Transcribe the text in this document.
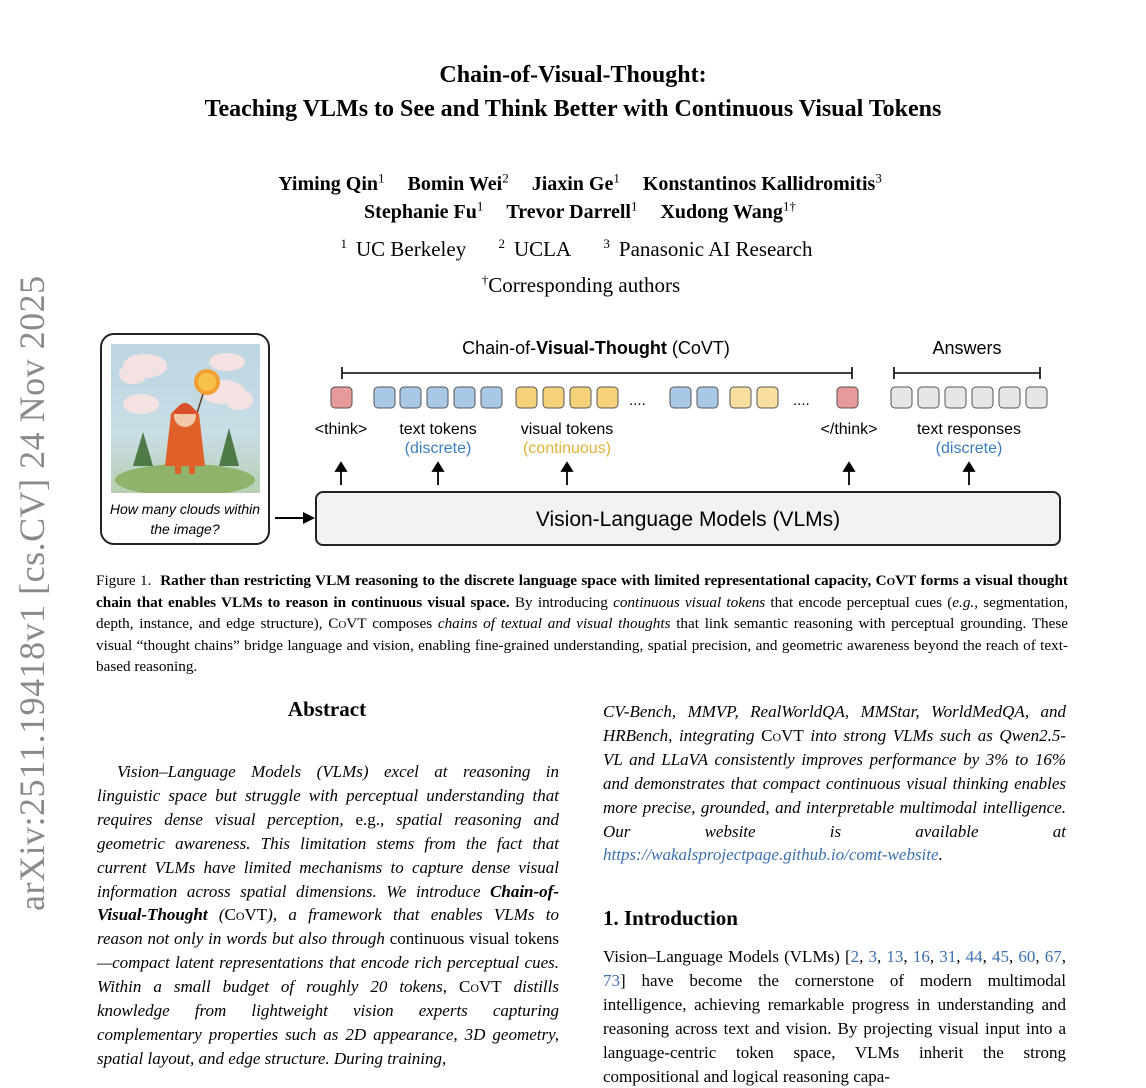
arXiv:2511.19418v1 [cs.CV] 24 Nov 2025
Chain-of-Visual-Thought:
Teaching VLMs to See and Think Better with Continuous Visual Tokens
Yiming Qin$^1$ Bomin Wei$^2$ Jiaxin Ge$^1$ Konstantinos Kallidromitis$^3$
Stephanie Fu$^1$ Trevor Darrell$^1$ Xudong Wang$^{1\dagger}$
$^1$ UC Berkeley $^2$ UCLA $^3$ Panasonic AI Research
†Corresponding authors
How many clouds within the image?
Chain-of-Visual-Thought (CoVT)	Answers
....	....
<think> text tokens
(discrete)
visual tokens
(continuous)
</think> text responses
(discrete)
Vision-Language Models (VLMs)
Figure 1. Rather than restricting VLM reasoning to the discrete language space with limited representational capacity, CoVT forms a visual thought chain that enables VLMs to reason in continuous visual space. By introducing continuous visual tokens that encode perceptual cues (e.g., segmentation, depth, instance, and edge structure), CoVT composes chains of textual and visual thoughts that link semantic reasoning with perceptual grounding. These visual “thought chains” bridge language and vision, enabling fine-grained understanding, spatial precision, and geometric awareness beyond the reach of text-based reasoning.
Abstract
Vision–Language Models (VLMs) excel at reasoning in linguistic space but struggle with perceptual understanding that requires dense visual perception, e.g., spatial reasoning and geometric awareness. This limitation stems from the fact that current VLMs have limited mechanisms to capture dense visual information across spatial dimensions. We introduce Chain-of-Visual-Thought (CoVT), a framework that enables VLMs to reason not only in words but also through continuous visual tokens—compact latent representations that encode rich perceptual cues. Within a small budget of roughly 20 tokens, CoVT distills knowledge from lightweight vision experts capturing complementary properties such as 2D appearance, 3D geometry, spatial layout, and edge structure. During training,
CV-Bench, MMVP, RealWorldQA, MMStar, WorldMedQA, and HRBench, integrating CoVT into strong VLMs such as Qwen2.5-VL and LLaVA consistently improves performance by 3% to 16% and demonstrates that compact continuous visual thinking enables more precise, grounded, and interpretable multimodal intelligence. Our website is available at https://wakalsprojectpage.github.io/comt-website.
1. Introduction
Vision–Language Models (VLMs) [2, 3, 13, 16, 31, 44, 45, 60, 67, 73] have become the cornerstone of modern multimodal intelligence, achieving remarkable progress in understanding and reasoning across text and vision. By projecting visual input into a language-centric token space, VLMs inherit the strong compositional and logical reasoning capa-
